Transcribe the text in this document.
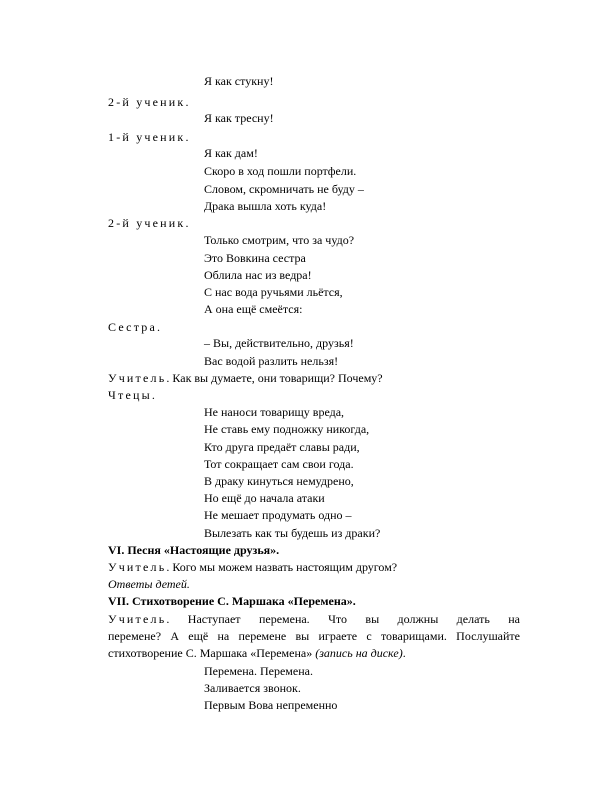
Я как стукну!
2-й ученик.
Я как тресну!
1-й ученик.
Я как дам!
Скоро в ход пошли портфели.
Словом, скромничать не буду –
Драка вышла хоть куда!
2-й ученик.
Только смотрим, что за чудо?
Это Вовкина сестра
Облила нас из ведра!
С нас вода ручьями льётся,
А она ещё смеётся:
Сестра.
– Вы, действительно, друзья!
Вас водой разлить нельзя!
Учитель. Как вы думаете, они товарищи? Почему?
Чтецы.
Не наноси товарищу вреда,
Не ставь ему подножку никогда,
Кто друга предаёт славы ради,
Тот сокращает сам свои года.
В драку кинуться немудрено,
Но ещё до начала атаки
Не мешает продумать одно –
Вылезать как ты будешь из драки?
VI. Песня «Настоящие друзья».
Учитель. Кого мы можем назвать настоящим другом?
Ответы детей.
VII. Стихотворение С. Маршака «Перемена».
Учитель. Наступает перемена. Что вы должны делать на
перемене? А ещё на перемене вы играете с товарищами. Послушайте
стихотворение С. Маршака «Перемена» (запись на диске).
Перемена. Перемена.
Заливается звонок.
Первым Вова непременно
